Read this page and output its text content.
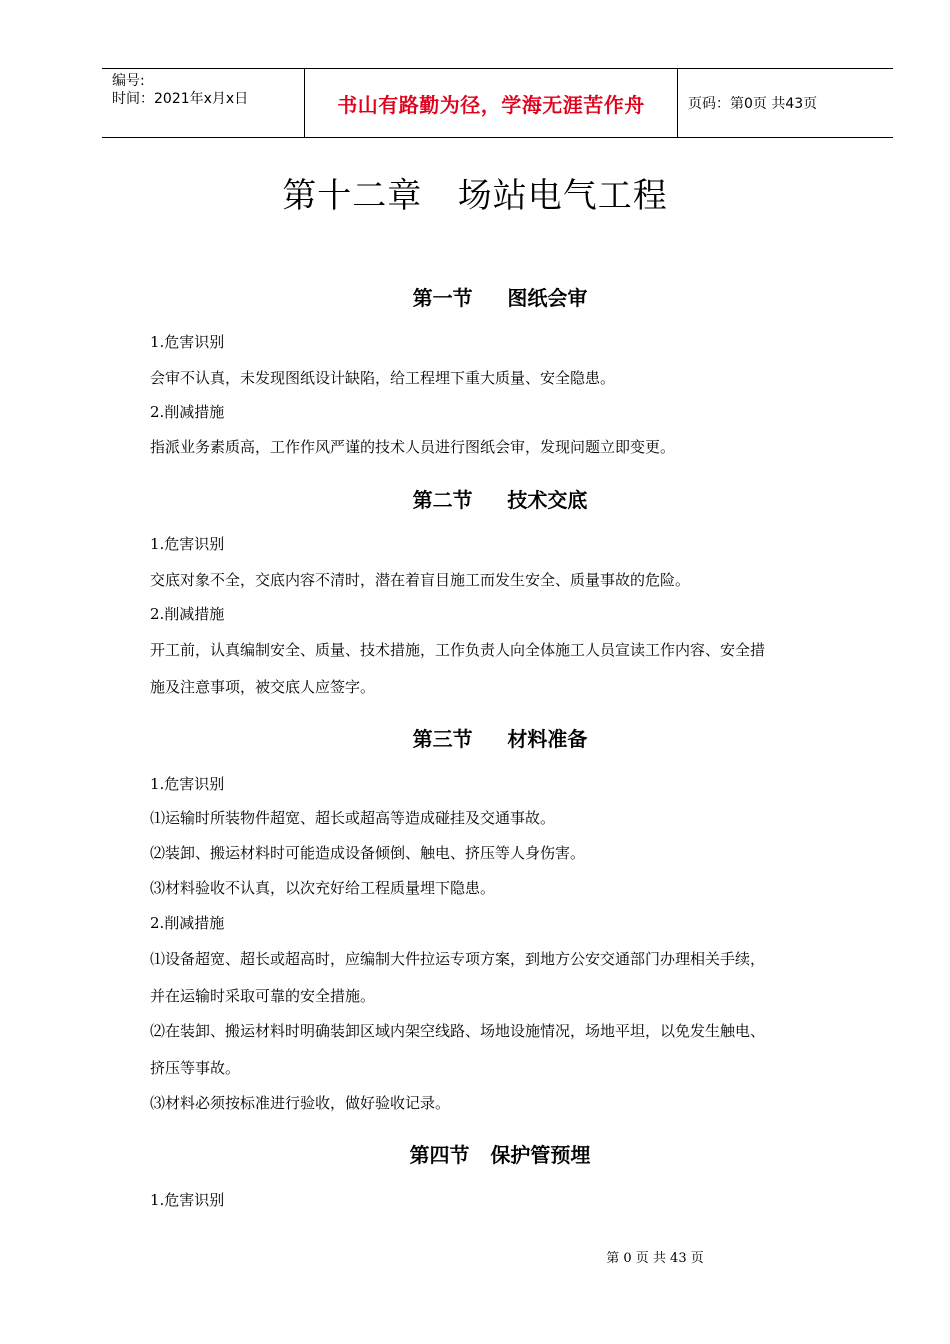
编号:
时间：2021年x月x日	书山有路勤为径，学海无涯苦作舟	页码：第0页 共43页
第十二章   场站电气工程
第一节     图纸会审
1.危害识别
会审不认真，未发现图纸设计缺陷，给工程埋下重大质量、安全隐患。
2.削减措施
指派业务素质高，工作作风严谨的技术人员进行图纸会审，发现问题立即变更。
第二节     技术交底
1.危害识别
交底对象不全，交底内容不清时，潜在着盲目施工而发生安全、质量事故的危险。
2.削减措施
开工前，认真编制安全、质量、技术措施，工作负责人向全体施工人员宣读工作内容、安全措
施及注意事项，被交底人应签字。
第三节     材料准备
1.危害识别
⑴运输时所装物件超宽、超长或超高等造成碰挂及交通事故。
⑵装卸、搬运材料时可能造成设备倾倒、触电、挤压等人身伤害。
⑶材料验收不认真，以次充好给工程质量埋下隐患。
2.削减措施
⑴设备超宽、超长或超高时，应编制大件拉运专项方案，到地方公安交通部门办理相关手续，
并在运输时采取可靠的安全措施。
⑵在装卸、搬运材料时明确装卸区域内架空线路、场地设施情况，场地平坦，以免发生触电、
挤压等事故。
⑶材料必须按标准进行验收，做好验收记录。
第四节   保护管预埋
1.危害识别
第 0 页 共 43 页
